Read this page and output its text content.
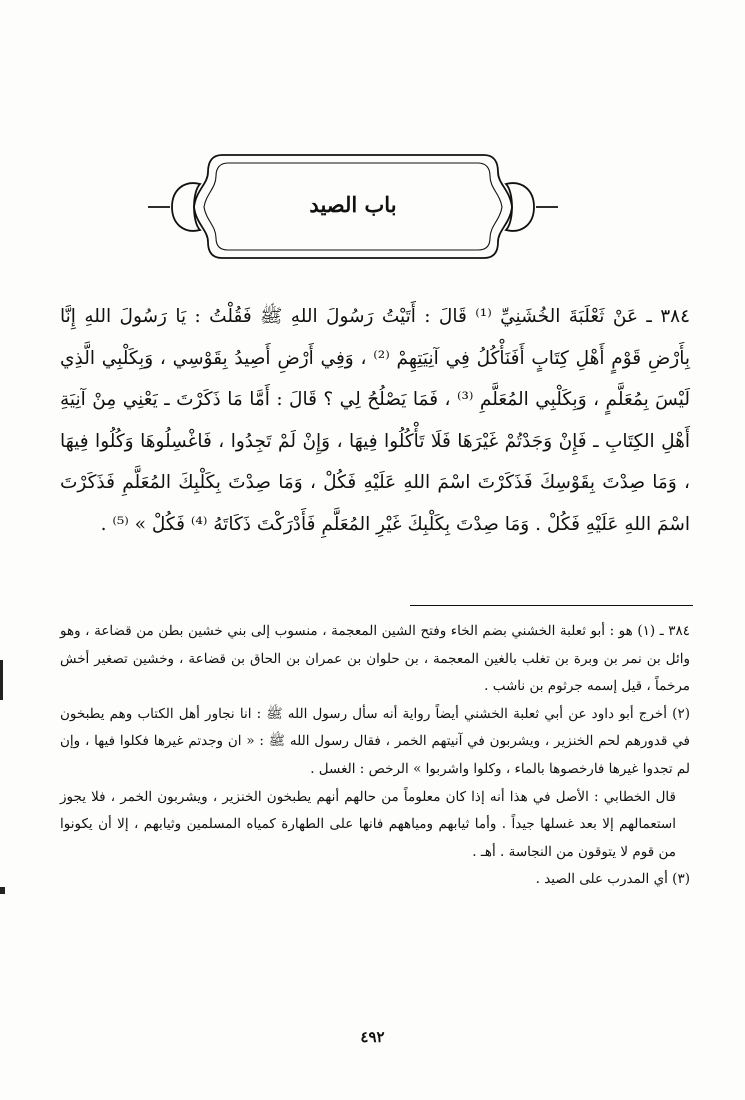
باب الصيد

٣٨٤ ـ عَنْ ثَعْلَبَةَ الخُشَنِيِّ ⁽¹⁾ قَالَ : أَتَيْتُ رَسُولَ اللهِ ﷺ فَقُلْتُ : يَا رَسُولَ اللهِ إِنَّا بِأَرْضِ قَوْمٍ أَهْلِ كِتَابٍ أَفَنَأْكُلُ فِي آنِيَتِهِمْ ⁽²⁾ ، وَفِي أَرْضِ أَصِيدُ بِقَوْسِي ، وَبِكَلْبِي الَّذِي لَيْسَ بِمُعَلَّمٍ ، وَبِكَلْبِي المُعَلَّمِ ⁽³⁾ ، فَمَا يَصْلُحُ لِي ؟ قَالَ : أَمَّا مَا ذَكَرْتَ ـ يَعْنِي مِنْ آنِيَةِ أَهْلِ الكِتَابِ ـ فَإِنْ وَجَدْتُمْ غَيْرَهَا فَلَا تَأْكُلُوا فِيهَا ، وَإِنْ لَمْ تَجِدُوا ، فَاغْسِلُوهَا وَكُلُوا فِيهَا ، وَمَا صِدْتَ بِقَوْسِكَ فَذَكَرْتَ اسْمَ اللهِ عَلَيْهِ فَكُلْ ، وَمَا صِدْتَ بِكَلْبِكَ المُعَلَّمِ فَذَكَرْتَ اسْمَ اللهِ عَلَيْهِ فَكُلْ . وَمَا صِدْتَ بِكَلْبِكَ غَيْرِ المُعَلَّمِ فَأَدْرَكْتَ ذَكَاتَهُ ⁽⁴⁾ فَكُلْ » ⁽⁵⁾ .

٣٨٤ ـ (١) هو : أبو ثعلبة الخشني بضم الخاء وفتح الشين المعجمة ، منسوب إلى بني خشين بطن من قضاعة ، وهو وائل بن نمر بن وبرة بن تغلب بالغين المعجمة ، بن حلوان بن عمران بن الحاق بن قضاعة ، وخشين تصغير أخش مرخماً ، قيل إسمه جرثوم بن ناشب .

(٢) أخرج أبو داود عن أبي ثعلبة الخشني أيضاً رواية أنه سأل رسول الله ﷺ : انا نجاور أهل الكتاب وهم يطبخون في قدورهم لحم الخنزير ، ويشربون في آنيتهم الخمر ، فقال رسول الله ﷺ : « ان وجدتم غيرها فكلوا فيها ، وإن لم تجدوا غيرها فارخصوها بالماء ، وكلوا واشربوا » الرخص : الغسل .

قال الخطابي : الأصل في هذا أنه إذا كان معلوماً من حالهم أنهم يطبخون الخنزير ، ويشربون الخمر ، فلا يجوز استعمالهم إلا بعد غسلها جيداً . وأما ثيابهم ومياههم فانها على الطهارة كمياه المسلمين وثيابهم ، إلا أن يكونوا من قوم لا يتوقون من النجاسة . أهـ .

(٣) أي المدرب على الصيد .

٤٩٢
